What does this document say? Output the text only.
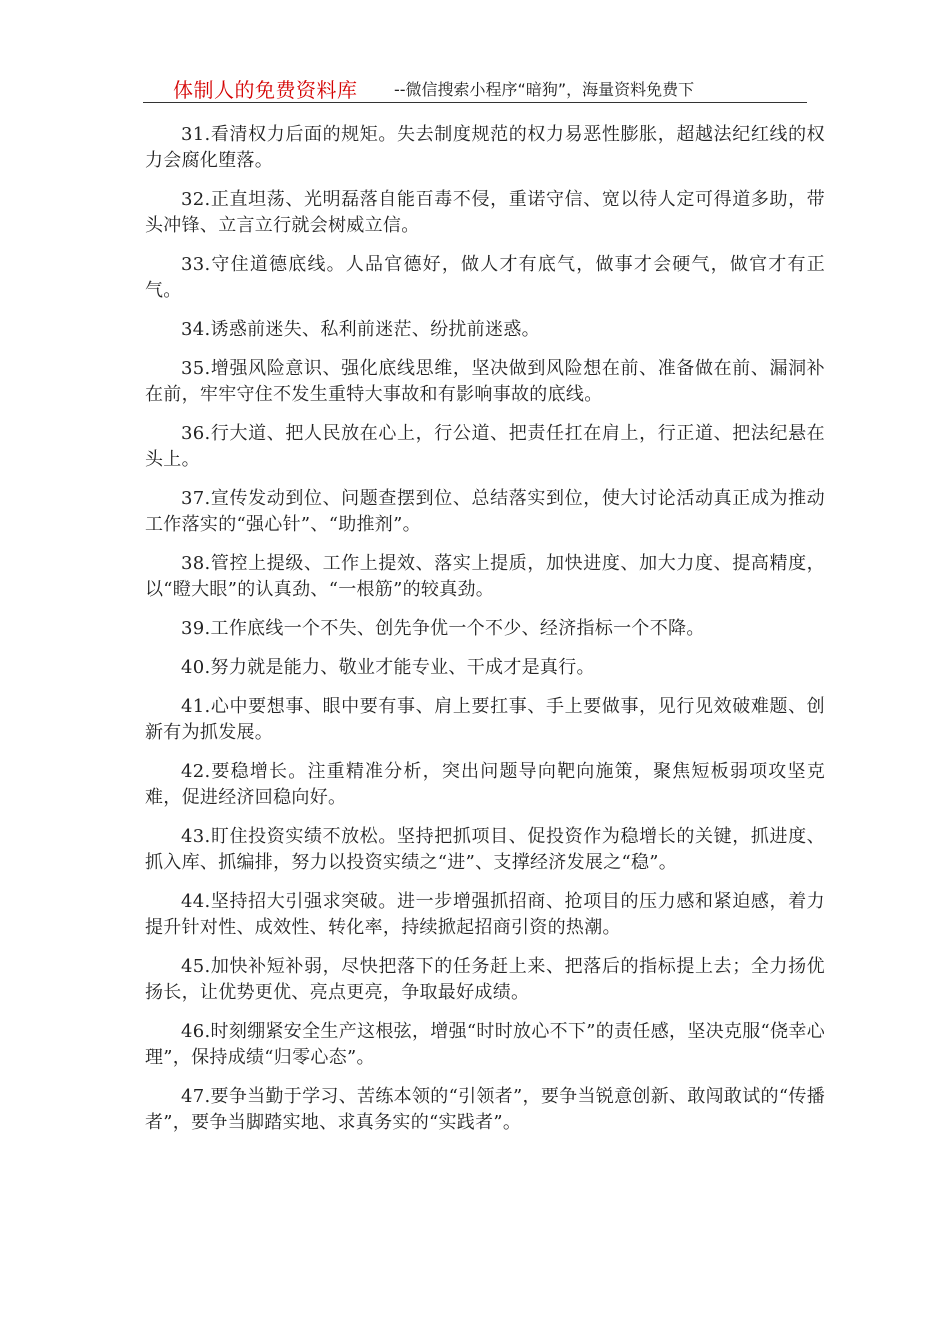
体制人的免费资料库 --微信搜索小程序“暗狗”，海量资料免费下

31.看清权力后面的规矩。失去制度规范的权力易恶性膨胀，超越法纪红线的权力会腐化堕落。

32.正直坦荡、光明磊落自能百毒不侵，重诺守信、宽以待人定可得道多助，带头冲锋、立言立行就会树威立信。

33.守住道德底线。人品官德好，做人才有底气，做事才会硬气，做官才有正气。

34.诱惑前迷失、私利前迷茫、纷扰前迷惑。

35.增强风险意识、强化底线思维，坚决做到风险想在前、准备做在前、漏洞补在前，牢牢守住不发生重特大事故和有影响事故的底线。

36.行大道、把人民放在心上，行公道、把责任扛在肩上，行正道、把法纪悬在头上。

37.宣传发动到位、问题查摆到位、总结落实到位，使大讨论活动真正成为推动工作落实的“强心针”、“助推剂”。

38.管控上提级、工作上提效、落实上提质，加快进度、加大力度、提高精度，以“瞪大眼”的认真劲、“一根筋”的较真劲。

39.工作底线一个不失、创先争优一个不少、经济指标一个不降。

40.努力就是能力、敬业才能专业、干成才是真行。

41.心中要想事、眼中要有事、肩上要扛事、手上要做事，见行见效破难题、创新有为抓发展。

42.要稳增长。注重精准分析，突出问题导向靶向施策，聚焦短板弱项攻坚克难，促进经济回稳向好。

43.盯住投资实绩不放松。坚持把抓项目、促投资作为稳增长的关键，抓进度、抓入库、抓编排，努力以投资实绩之“进”、支撑经济发展之“稳”。

44.坚持招大引强求突破。进一步增强抓招商、抢项目的压力感和紧迫感，着力提升针对性、成效性、转化率，持续掀起招商引资的热潮。

45.加快补短补弱，尽快把落下的任务赶上来、把落后的指标提上去；全力扬优扬长，让优势更优、亮点更亮，争取最好成绩。

46.时刻绷紧安全生产这根弦，增强“时时放心不下”的责任感，坚决克服“侥幸心理”，保持成绩“归零心态”。

47.要争当勤于学习、苦练本领的“引领者”，要争当锐意创新、敢闯敢试的“传播者”，要争当脚踏实地、求真务实的“实践者”。
